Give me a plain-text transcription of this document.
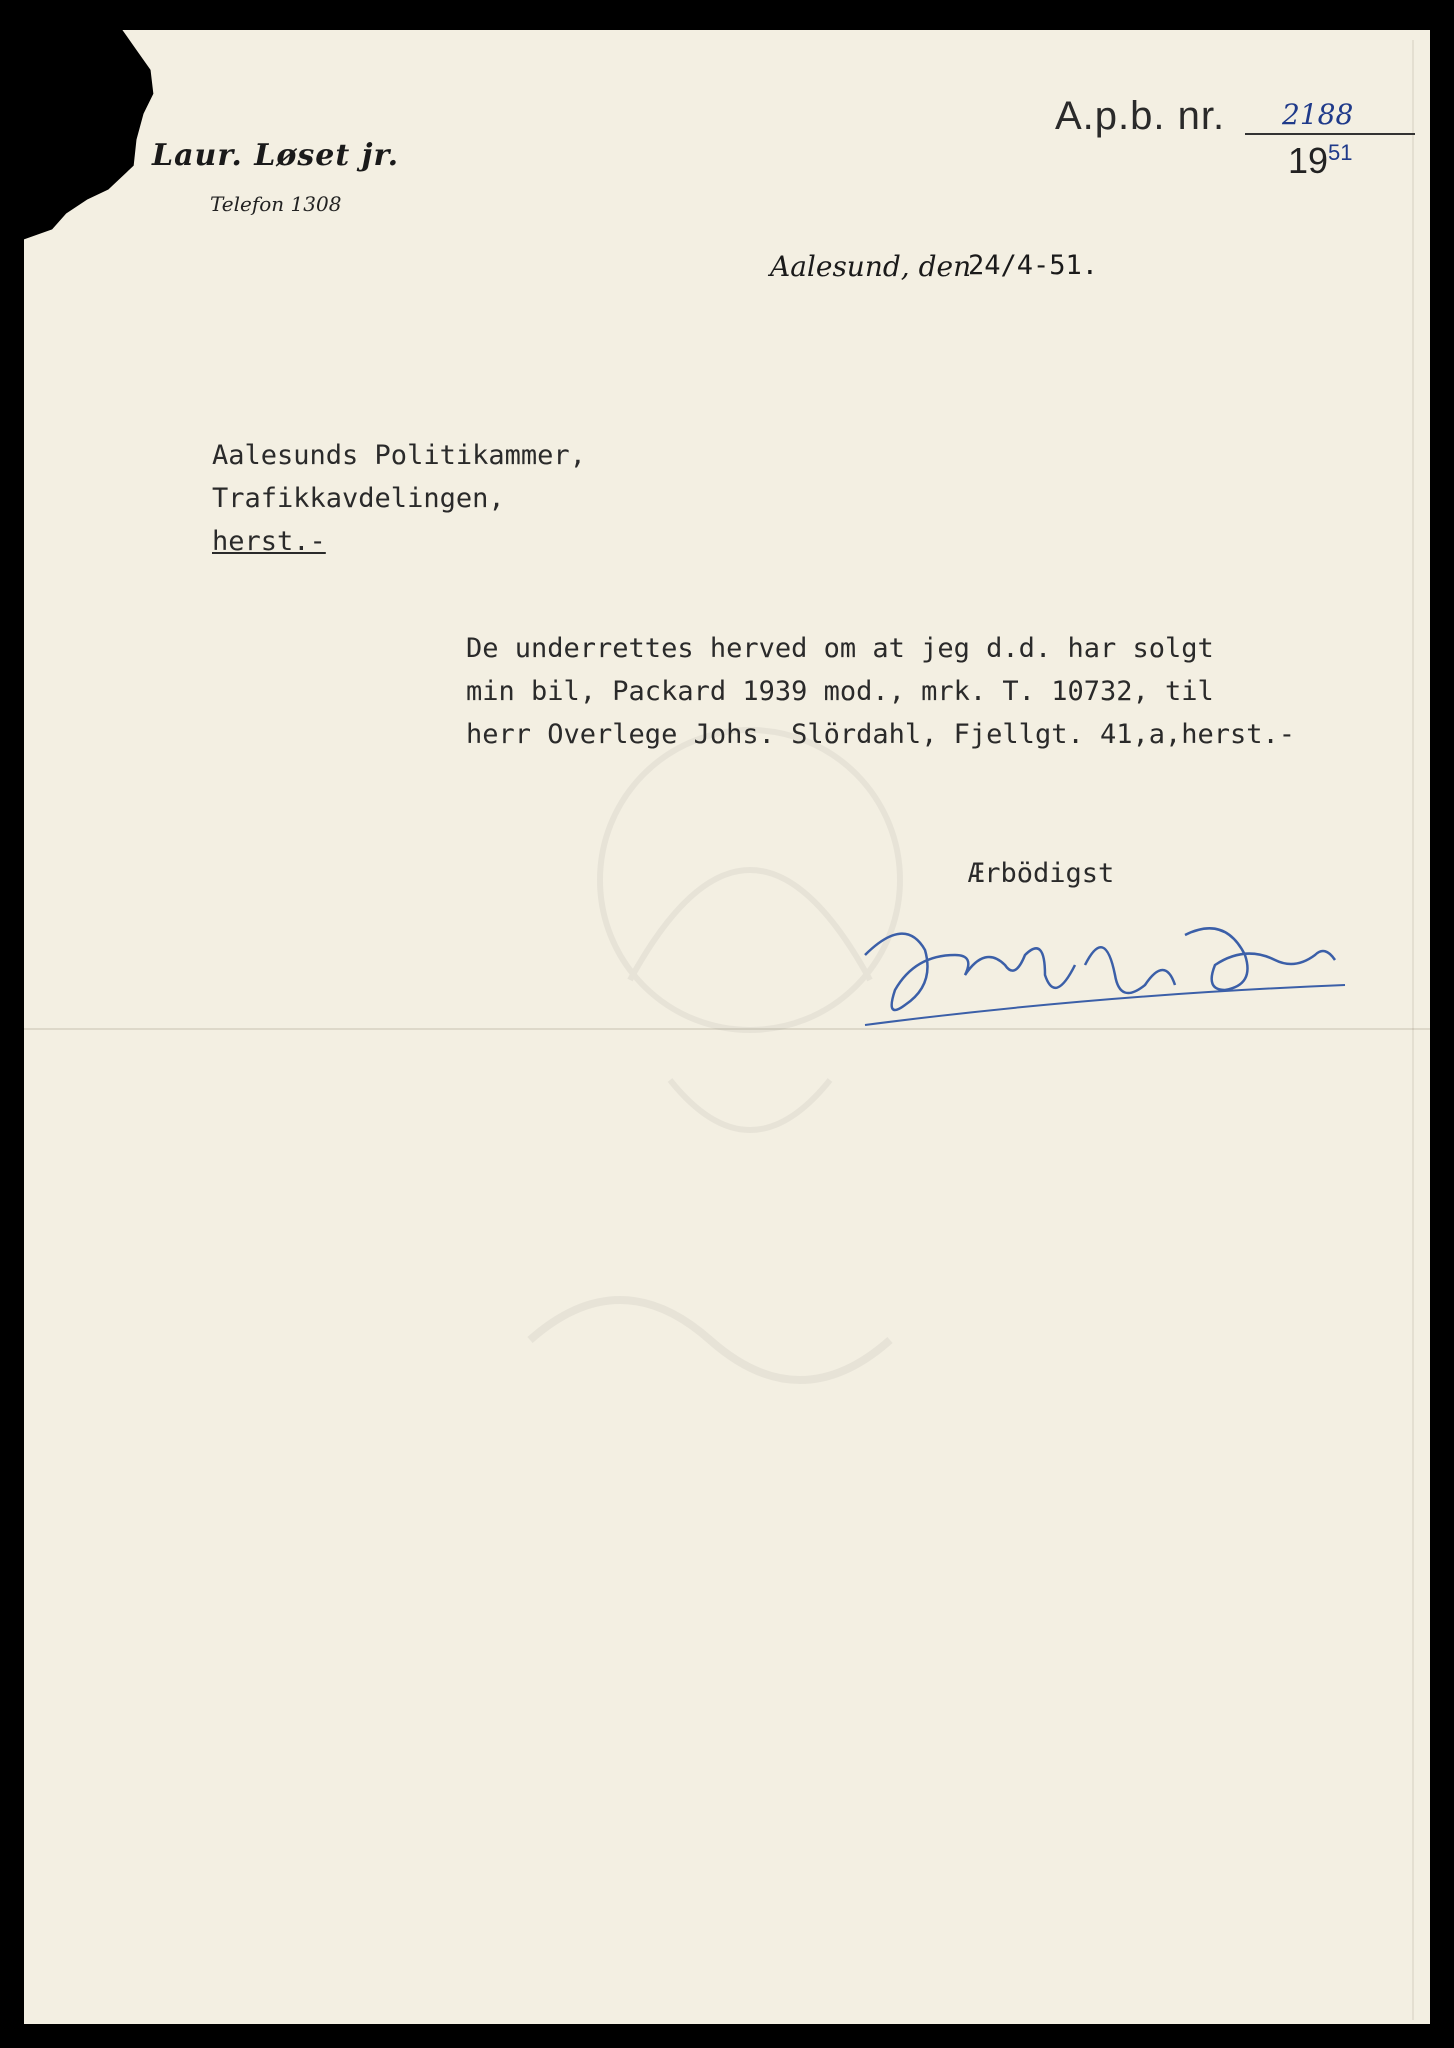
Laur. Løset jr.
Telefon 1308
A.p.b. nr. 2188
$19^{51}$
Aalesund, den
24/4-51.
Aalesunds Politikammer,
Trafikkavdelingen,
herst.-
De underrettes herved om at jeg d.d. har solgt
min bil, Packard 1939 mod., mrk. T. 10732, til
herr Overlege Johs. Slördahl, Fjellgt. 41,a,herst.-
Ærbödigst
